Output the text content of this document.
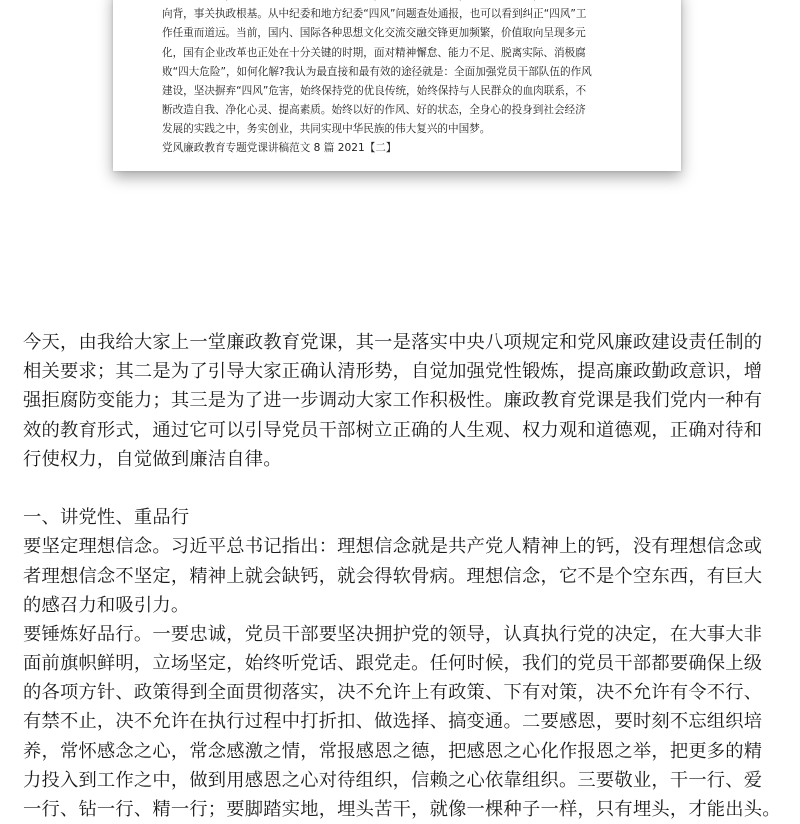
向背，事关执政根基。从中纪委和地方纪委“四风”问题查处通报，也可以看到纠正“四风”工
作任重而道远。当前，国内、国际各种思想文化交流交融交锋更加频繁，价值取向呈现多元
化，国有企业改革也正处在十分关键的时期，面对精神懈怠、能力不足、脱离实际、消极腐
败“四大危险”，如何化解?我认为最直接和最有效的途径就是：全面加强党员干部队伍的作风
建设，坚决摒弃“四风”危害，始终保持党的优良传统，始终保持与人民群众的血肉联系，不
断改造自我、净化心灵、提高素质。始终以好的作风、好的状态，全身心的投身到社会经济
发展的实践之中，务实创业，共同实现中华民族的伟大复兴的中国梦。
党风廉政教育专题党课讲稿范文 8 篇 2021【二】
今天，由我给大家上一堂廉政教育党课，其一是落实中央八项规定和党风廉政建设责任制的
相关要求；其二是为了引导大家正确认清形势，自觉加强党性锻炼，提高廉政勤政意识，增
强拒腐防变能力；其三是为了进一步调动大家工作积极性。廉政教育党课是我们党内一种有
效的教育形式，通过它可以引导党员干部树立正确的人生观、权力观和道德观，正确对待和
行使权力，自觉做到廉洁自律。
一、讲党性、重品行
要坚定理想信念。习近平总书记指出：理想信念就是共产党人精神上的钙，没有理想信念或
者理想信念不坚定，精神上就会缺钙，就会得软骨病。理想信念，它不是个空东西，有巨大
的感召力和吸引力。
要锤炼好品行。一要忠诚，党员干部要坚决拥护党的领导，认真执行党的决定，在大事大非
面前旗帜鲜明，立场坚定，始终听党话、跟党走。任何时候，我们的党员干部都要确保上级
的各项方针、政策得到全面贯彻落实，决不允许上有政策、下有对策，决不允许有令不行、
有禁不止，决不允许在执行过程中打折扣、做选择、搞变通。二要感恩，要时刻不忘组织培
养，常怀感念之心，常念感激之情，常报感恩之德，把感恩之心化作报恩之举，把更多的精
力投入到工作之中，做到用感恩之心对待组织，信赖之心依靠组织。三要敬业，干一行、爱
一行、钻一行、精一行；要脚踏实地，埋头苦干，就像一棵种子一样，只有埋头，才能出头。
